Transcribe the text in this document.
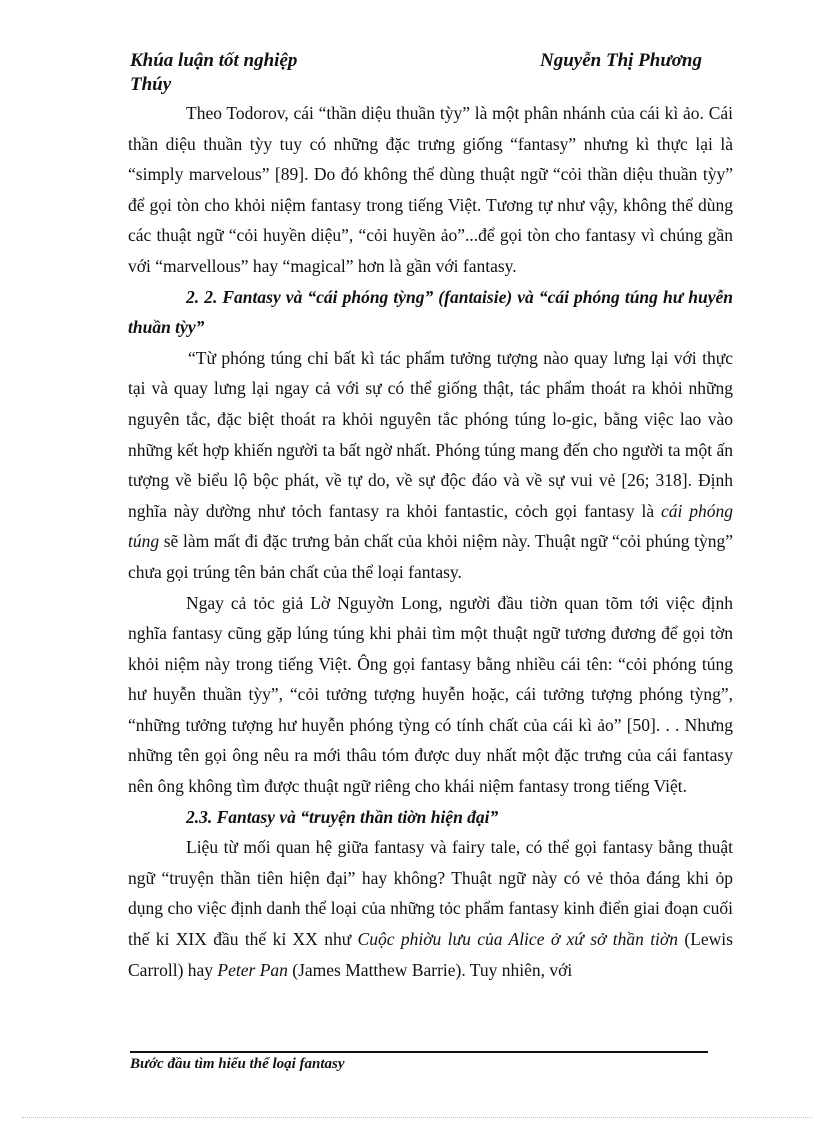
Khúa luận tốt nghiệp
Thúy
Nguyễn Thị Phương

Theo Todorov, cái “thần diệu thuần tỳy” là một phân nhánh của cái kì ảo. Cái thần diệu thuần tỳy tuy có những đặc trưng giống “fantasy” nhưng kì thực lại là “simply marvelous” [89]. Do đó không thể dùng thuật ngữ “cỏi thần diệu thuần tỳy” để gọi tòn cho khỏi niệm fantasy trong tiếng Việt. Tương tự như vậy, không thể dùng các thuật ngữ “cỏi huyền diệu”, “cỏi huyền ảo”...để gọi tòn cho fantasy vì chúng gần với “marvellous” hay “magical” hơn là gần với fantasy.

2. 2. Fantasy và “cái phóng tỳng” (fantaisie) và “cái phóng túng hư huyễn thuần tỳy”

“Từ phóng túng chỉ bất kì tác phẩm tưởng tượng nào quay lưng lại với thực tại và quay lưng lại ngay cả với sự có thể giống thật, tác phẩm thoát ra khỏi những nguyên tắc, đặc biệt thoát ra khỏi nguyên tắc phóng túng lo-gic, bằng việc lao vào những kết hợp khiến người ta bất ngờ nhất. Phóng túng mang đến cho người ta một ấn tượng về biểu lộ bộc phát, về tự do, về sự độc đáo và về sự vui vẻ [26; 318]. Định nghĩa này dường như tỏch fantasy ra khỏi fantastic, cỏch gọi fantasy là cái phóng túng sẽ làm mất đi đặc trưng bản chất của khỏi niệm này. Thuật ngữ “cỏi phúng tỳng” chưa gọi trúng tên bản chất của thể loại fantasy.

Ngay cả tỏc giả Lờ Nguyờn Long, người đầu tiờn quan tõm tới việc định nghĩa fantasy cũng gặp lúng túng khi phải tìm một thuật ngữ tương đương để gọi tờn khỏi niệm này trong tiếng Việt. Ông gọi fantasy bằng nhiều cái tên: “cỏi phóng túng hư huyễn thuần tỳy”, “cỏi tưởng tượng huyễn hoặc, cái tưởng tượng phóng tỳng”, “những tưởng tượng hư huyễn phóng tỳng có tính chất của cái kì ảo” [50]. . . Nhưng những tên gọi ông nêu ra mới thâu tóm được duy nhất một đặc trưng của cái fantasy nên ông không tìm được thuật ngữ riêng cho khái niệm fantasy trong tiếng Việt.

2.3. Fantasy và “truyện thần tiờn hiện đại”

Liệu từ mối quan hệ giữa fantasy và fairy tale, có thể gọi fantasy bằng thuật ngữ “truyện thần tiên hiện đại” hay không? Thuật ngữ này có vẻ thỏa đáng khi ỏp dụng cho việc định danh thể loại của những tỏc phẩm fantasy kinh điển giai đoạn cuối thế kỉ XIX đầu thế kỉ XX như Cuộc phiờu lưu của Alice ở xứ sở thần tiờn (Lewis Carroll) hay Peter Pan (James Matthew Barrie). Tuy nhiên, với

Bước đầu tìm hiểu thể loại fantasy
